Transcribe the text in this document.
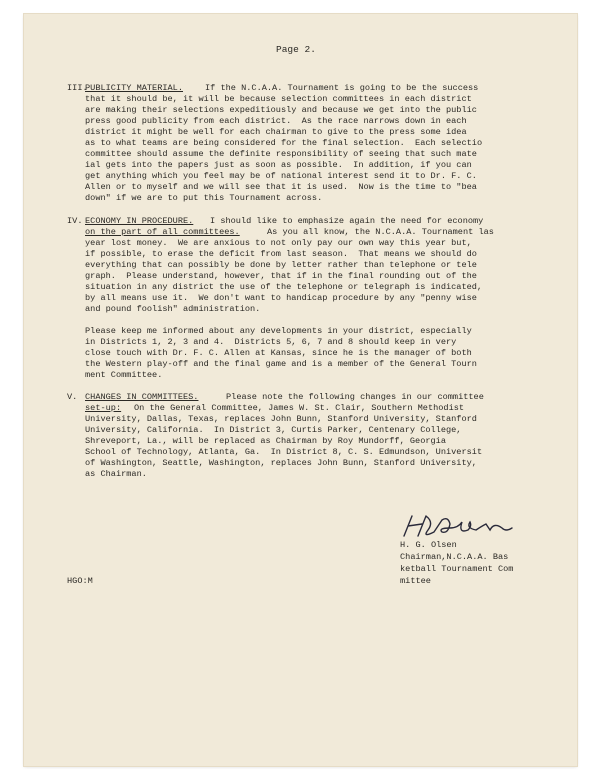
Page 2.
III.
PUBLICITY MATERIAL.	If the N.C.A.A. Tournament is going to be the success
that it should be, it will be because selection committees in each district
are making their selections expeditiously and because we get into the public
press good publicity from each district.  As the race narrows down in each
district it might be well for each chairman to give to the press some idea
as to what teams are being considered for the final selection.  Each selectio
committee should assume the definite responsibility of seeing that such mate
ial gets into the papers just as soon as possible.  In addition, if you can
get anything which you feel may be of national interest send it to Dr. F. C.
Allen or to myself and we will see that it is used.  Now is the time to "bea
down" if we are to put this Tournament across.
IV. ECONOMY IN PROCEDURE. I should like to emphasize again the need for economy
on the part of all committees.	As you all know, the N.C.A.A. Tournament las
year lost money.  We are anxious to not only pay our own way this year but,
if possible, to erase the deficit from last season.  That means we should do
everything that can possibly be done by letter rather than telephone or tele
graph.  Please understand, however, that if in the final rounding out of the
situation in any district the use of the telephone or telegraph is indicated,
by all means use it.  We don't want to handicap procedure by any "penny wise
and pound foolish" administration.
Please keep me informed about any developments in your district, especially
in Districts 1, 2, 3 and 4.  Districts 5, 6, 7 and 8 should keep in very
close touch with Dr. F. C. Allen at Kansas, since he is the manager of both
the Western play-off and the final game and is a member of the General Tourn
ment Committee.
V. CHANGES IN COMMITTEES.	Please note the following changes in our committee
set-up: On the General Committee, James W. St. Clair, Southern Methodist
University, Dallas, Texas, replaces John Bunn, Stanford University, Stanford
University, California.  In District 3, Curtis Parker, Centenary College,
Shreveport, La., will be replaced as Chairman by Roy Mundorff, Georgia
School of Technology, Atlanta, Ga.  In District 8, C. S. Edmundson, Universit
of Washington, Seattle, Washington, replaces John Bunn, Stanford University,
as Chairman.
H. G. Olsen
Chairman,N.C.A.A. Bas
ketball Tournament Com
mittee
HGO:M
